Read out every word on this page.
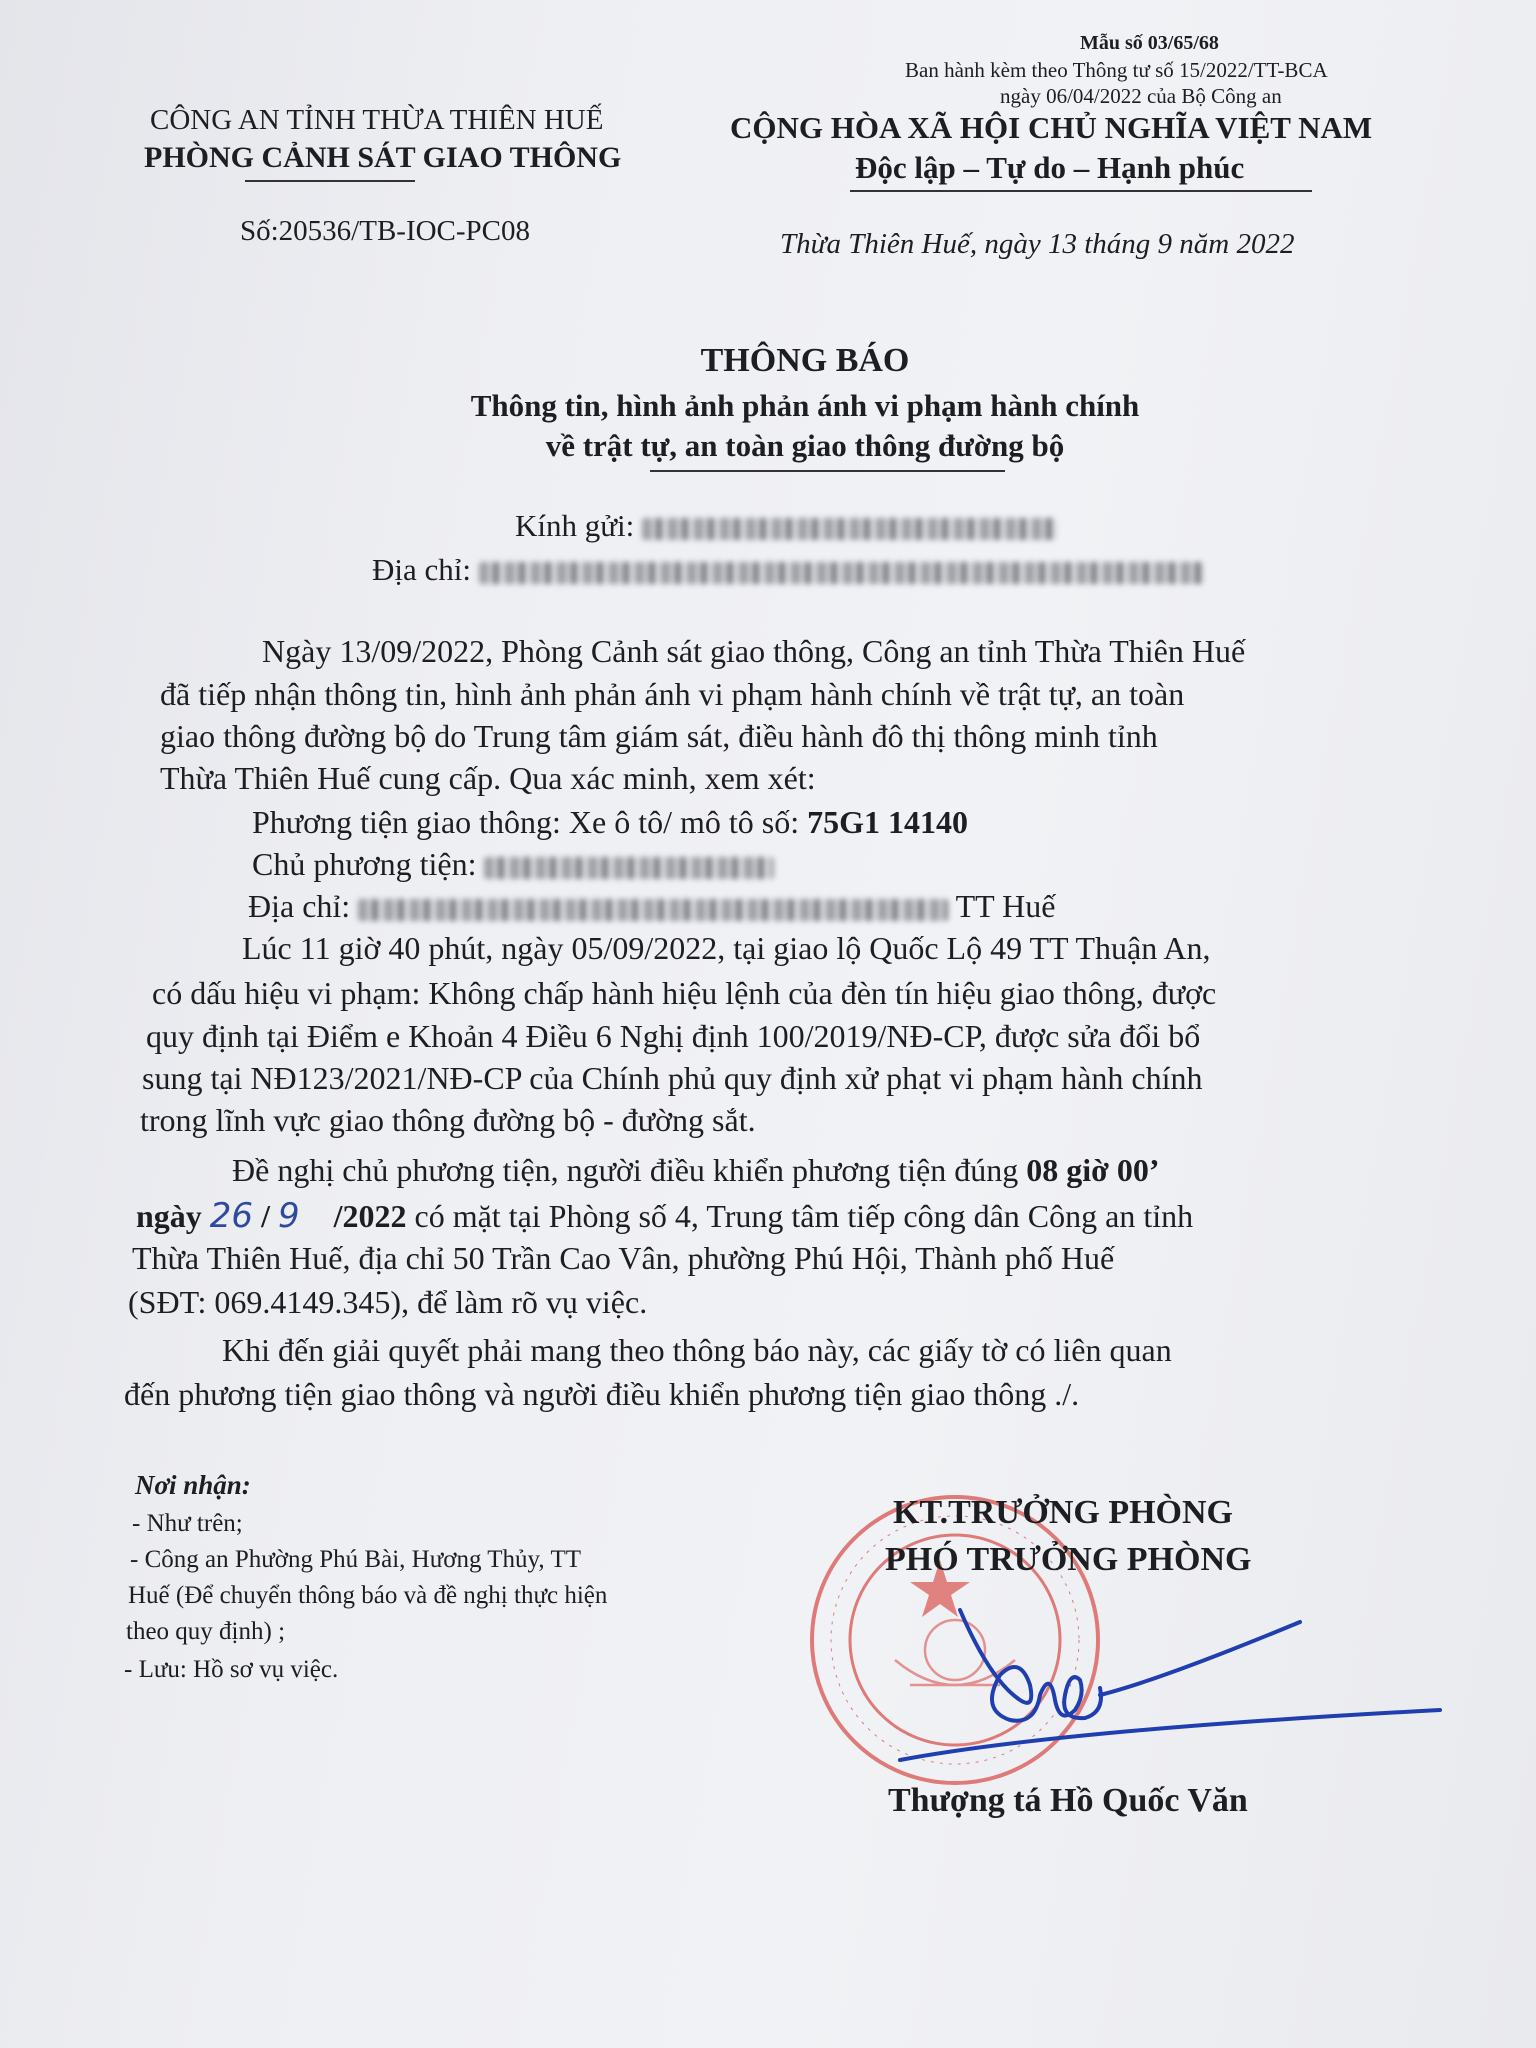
Mẫu số 03/65/68
Ban hành kèm theo Thông tư số 15/2022/TT-BCA
ngày 06/04/2022 của Bộ Công an
CÔNG AN TỈNH THỪA THIÊN HUẾ
PHÒNG CẢNH SÁT GIAO THÔNG
Số:20536/TB-IOC-PC08
CỘNG HÒA XÃ HỘI CHỦ NGHĨA VIỆT NAM
Độc lập – Tự do – Hạnh phúc
Thừa Thiên Huế, ngày 13 tháng 9 năm 2022
THÔNG BÁO
Thông tin, hình ảnh phản ánh vi phạm hành chính
về trật tự, an toàn giao thông đường bộ
Kính gửi:
Địa chỉ:
Ngày 13/09/2022, Phòng Cảnh sát giao thông, Công an tỉnh Thừa Thiên Huế
đã tiếp nhận thông tin, hình ảnh phản ánh vi phạm hành chính về trật tự, an toàn
giao thông đường bộ do Trung tâm giám sát, điều hành đô thị thông minh tỉnh
Thừa Thiên Huế cung cấp. Qua xác minh, xem xét:
Phương tiện giao thông: Xe ô tô/ mô tô số: 75G1 14140
Chủ phương tiện:
Địa chỉ:	TT Huế
Lúc 11 giờ 40 phút, ngày 05/09/2022, tại giao lộ Quốc Lộ 49 TT Thuận An,
có dấu hiệu vi phạm: Không chấp hành hiệu lệnh của đèn tín hiệu giao thông, được
quy định tại Điểm e Khoản 4 Điều 6 Nghị định 100/2019/NĐ-CP, được sửa đổi bổ
sung tại NĐ123/2021/NĐ-CP của Chính phủ quy định xử phạt vi phạm hành chính
trong lĩnh vực giao thông đường bộ - đường sắt.
Đề nghị chủ phương tiện, người điều khiển phương tiện đúng 08 giờ 00’
ngày 26 / 9 /2022 có mặt tại Phòng số 4, Trung tâm tiếp công dân Công an tỉnh
Thừa Thiên Huế, địa chỉ 50 Trần Cao Vân, phường Phú Hội, Thành phố Huế
(SĐT: 069.4149.345), để làm rõ vụ việc.
Khi đến giải quyết phải mang theo thông báo này, các giấy tờ có liên quan
đến phương tiện giao thông và người điều khiển phương tiện giao thông ./.
Nơi nhận:
- Như trên;
- Công an Phường Phú Bài, Hương Thủy, TT
Huế (Để chuyển thông báo và đề nghị thực hiện
theo quy định) ;
- Lưu: Hồ sơ vụ việc.
KT.TRƯỞNG PHÒNG
PHÓ TRƯỞNG PHÒNG
Thượng tá Hồ Quốc Văn
